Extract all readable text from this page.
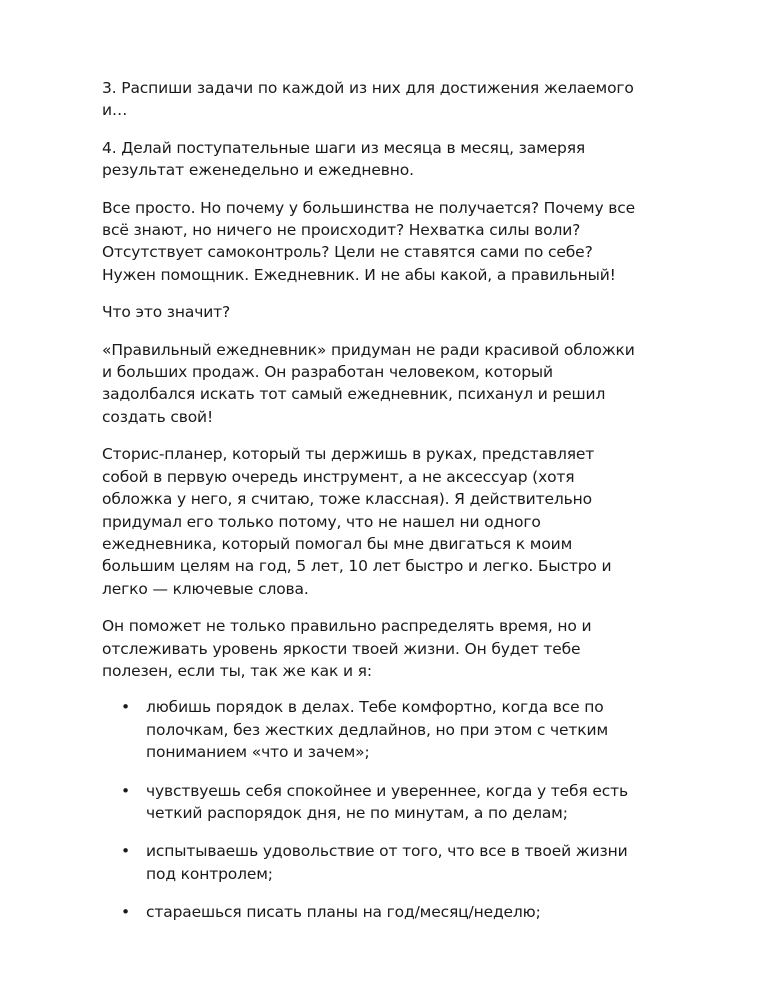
3. Распиши задачи по каждой из них для достижения желаемого и…

4. Делай поступательные шаги из месяца в месяц, замеряя результат еженедельно и ежедневно.

Все просто. Но почему у большинства не получается? Почему все всё знают, но ничего не происходит? Нехватка силы воли? Отсутствует самоконтроль? Цели не ставятся сами по себе? Нужен помощник. Ежедневник. И не абы какой, а правильный!

Что это значит?

«Правильный ежедневник» придуман не ради красивой обложки и больших продаж. Он разработан человеком, который задолбался искать тот самый ежедневник, психанул и решил создать свой!

Сторис-планер, который ты держишь в руках, представляет собой в первую очередь инструмент, а не аксессуар (хотя обложка у него, я считаю, тоже классная). Я действительно придумал его только потому, что не нашел ни одного ежедневника, который помогал бы мне двигаться к моим большим целям на год, 5 лет, 10 лет быстро и легко. Быстро и легко — ключевые слова.

Он поможет не только правильно распределять время, но и отслеживать уровень яркости твоей жизни. Он будет тебе полезен, если ты, так же как и я:

• любишь порядок в делах. Тебе комфортно, когда все по полочкам, без жестких дедлайнов, но при этом с четким пониманием «что и зачем»;
• чувствуешь себя спокойнее и увереннее, когда у тебя есть четкий распорядок дня, не по минутам, а по делам;
• испытываешь удовольствие от того, что все в твоей жизни под контролем;
• стараешься писать планы на год/месяц/неделю;
